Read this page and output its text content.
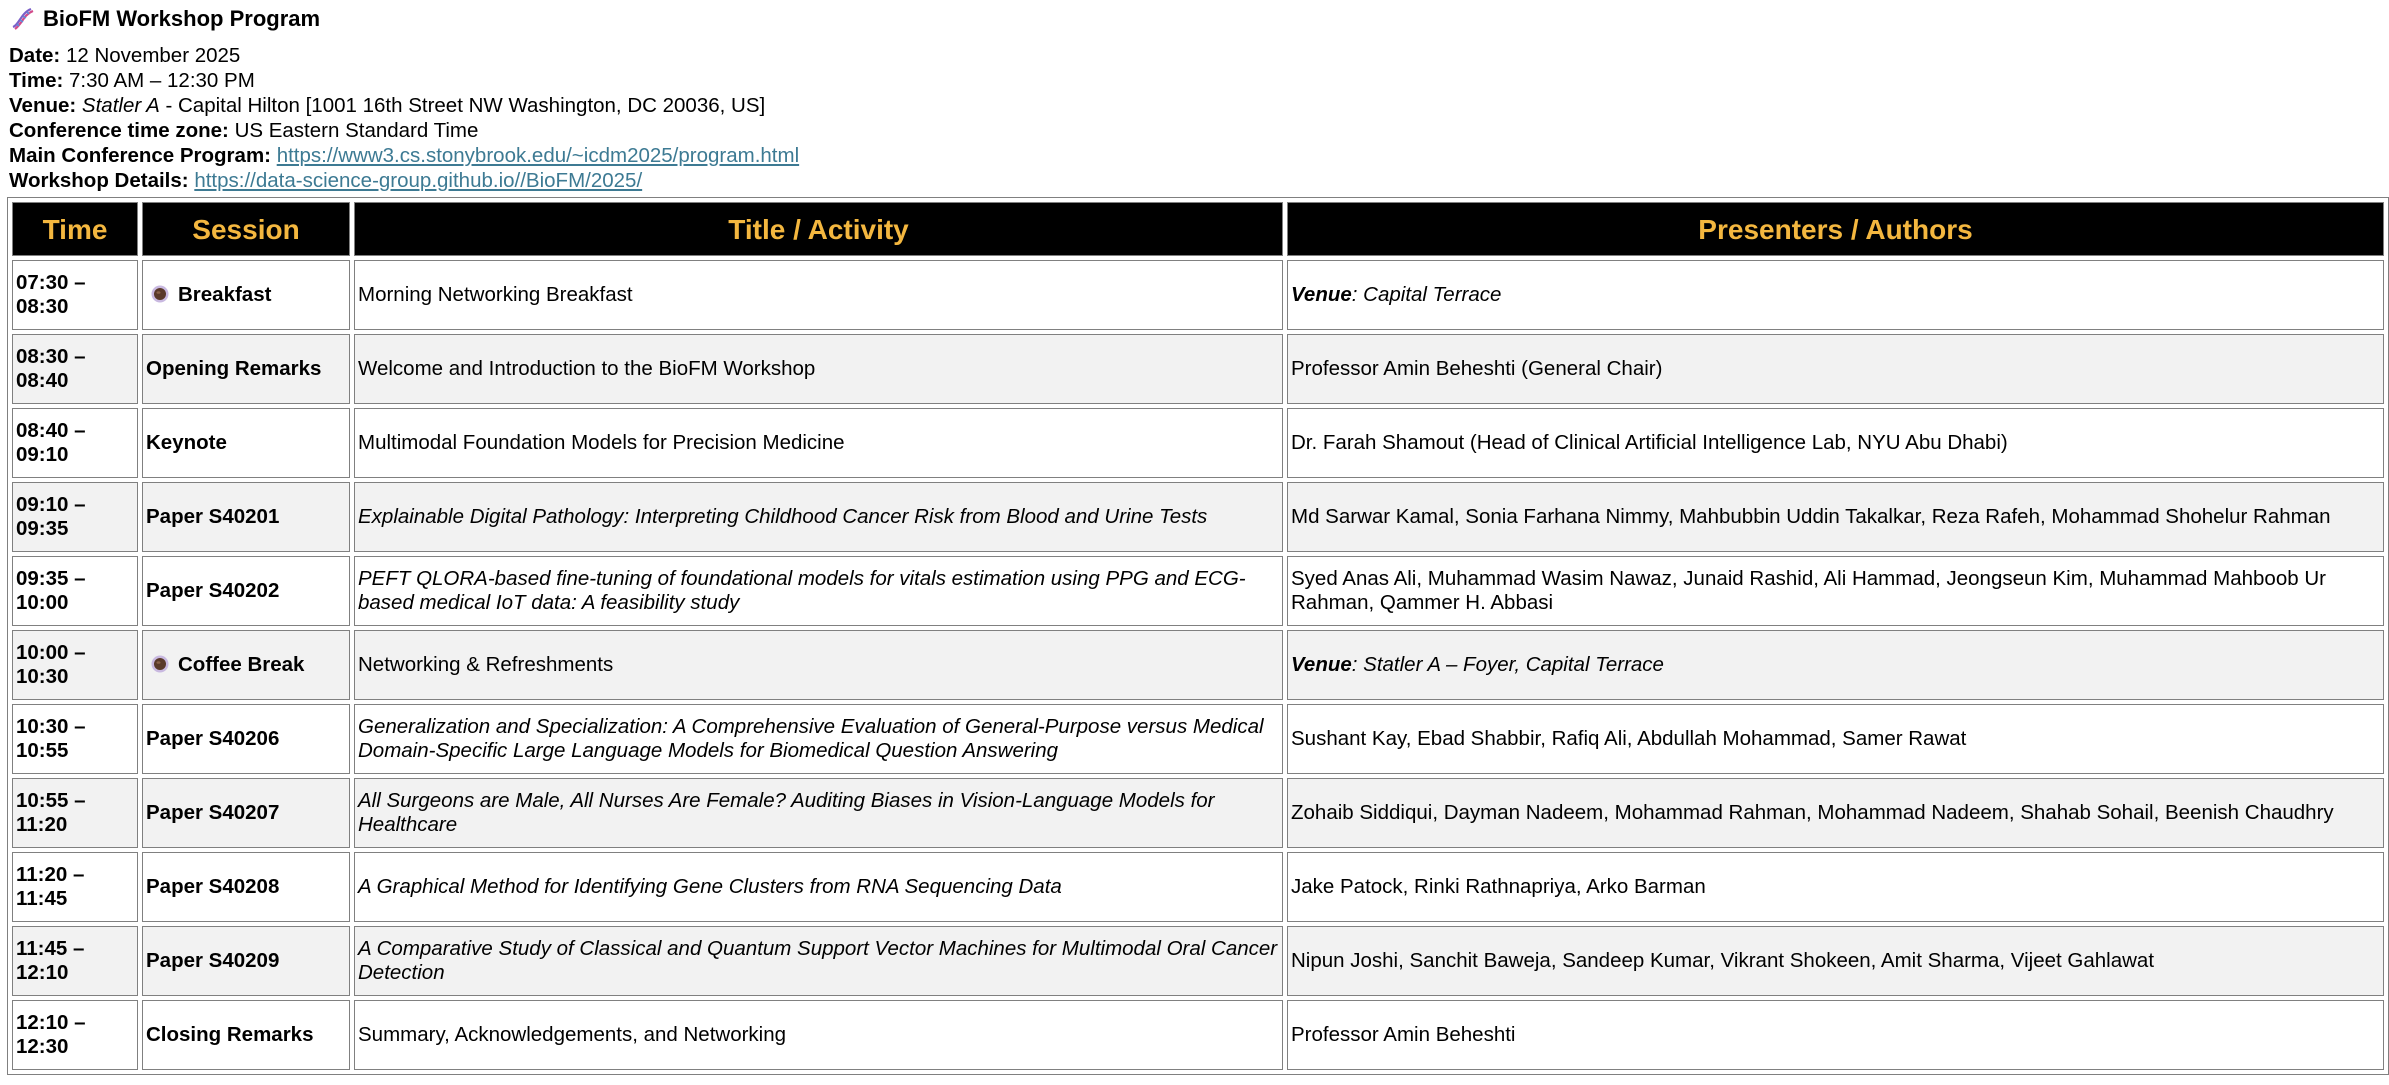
BioFM Workshop Program
Date: 12 November 2025
Time: 7:30 AM – 12:30 PM
Venue: Statler A - Capital Hilton [1001 16th Street NW Washington, DC 20036, US]
Conference time zone: US Eastern Standard Time
Main Conference Program: https://www3.cs.stonybrook.edu/~icdm2025/program.html
Workshop Details: https://data-science-group.github.io//BioFM/2025/
Time	Session	Title / Activity	Presenters / Authors
07:30 –
08:30	Breakfast	Morning Networking Breakfast	Venue: Capital Terrace
08:30 –
08:40	Opening Remarks	Welcome and Introduction to the BioFM Workshop	Professor Amin Beheshti (General Chair)
08:40 –
09:10	Keynote	Multimodal Foundation Models for Precision Medicine	Dr. Farah Shamout (Head of Clinical Artificial Intelligence Lab, NYU Abu Dhabi)
09:10 –
09:35	Paper S40201	Explainable Digital Pathology: Interpreting Childhood Cancer Risk from Blood and Urine Tests	Md Sarwar Kamal, Sonia Farhana Nimmy, Mahbubbin Uddin Takalkar, Reza Rafeh, Mohammad Shohelur Rahman
09:35 –
10:00	Paper S40202	PEFT QLORA-based fine-tuning of foundational models for vitals estimation using PPG and ECG-based medical IoT data: A feasibility study	Syed Anas Ali, Muhammad Wasim Nawaz, Junaid Rashid, Ali Hammad, Jeongseun Kim, Muhammad Mahboob Ur Rahman, Qammer H. Abbasi
10:00 –
10:30	Coffee Break	Networking & Refreshments	Venue: Statler A – Foyer, Capital Terrace
10:30 –
10:55	Paper S40206	Generalization and Specialization: A Comprehensive Evaluation of General-Purpose versus Medical Domain-Specific Large Language Models for Biomedical Question Answering	Sushant Kay, Ebad Shabbir, Rafiq Ali, Abdullah Mohammad, Samer Rawat
10:55 –
11:20	Paper S40207	All Surgeons are Male, All Nurses Are Female? Auditing Biases in Vision-Language Models for Healthcare	Zohaib Siddiqui, Dayman Nadeem, Mohammad Rahman, Mohammad Nadeem, Shahab Sohail, Beenish Chaudhry
11:20 –
11:45	Paper S40208	A Graphical Method for Identifying Gene Clusters from RNA Sequencing Data	Jake Patock, Rinki Rathnapriya, Arko Barman
11:45 –
12:10	Paper S40209	A Comparative Study of Classical and Quantum Support Vector Machines for Multimodal Oral Cancer Detection	Nipun Joshi, Sanchit Baweja, Sandeep Kumar, Vikrant Shokeen, Amit Sharma, Vijeet Gahlawat
12:10 –
12:30	Closing Remarks	Summary, Acknowledgements, and Networking	Professor Amin Beheshti
